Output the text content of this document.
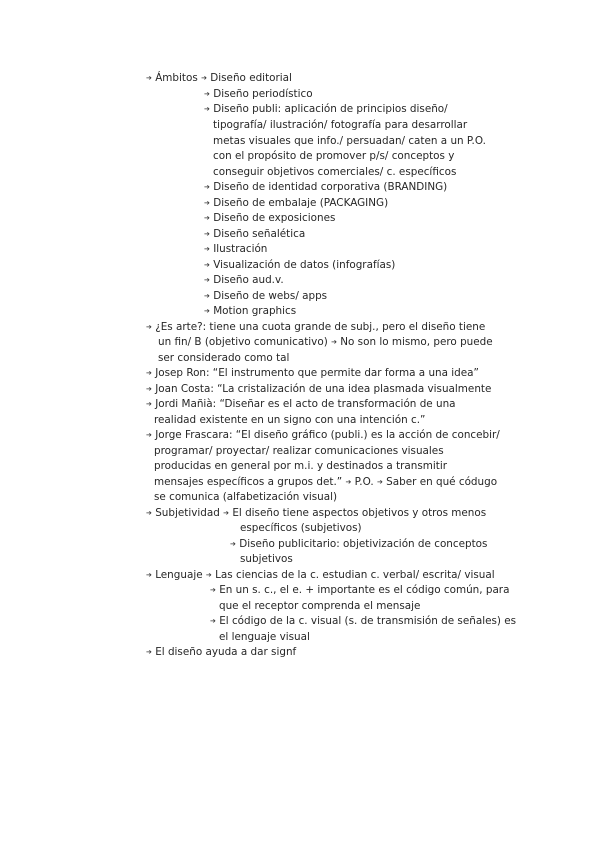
➔ Ámbitos ➔ Diseño editorial
➔ Diseño periodístico
➔ Diseño publi: aplicación de principios diseño/
tipografía/ ilustración/ fotografía para desarrollar
metas visuales que info./ persuadan/ caten a un P.O.
con el propósito de promover p/s/ conceptos y
conseguir objetivos comerciales/ c. específicos
➔ Diseño de identidad corporativa (BRANDING)
➔ Diseño de embalaje (PACKAGING)
➔ Diseño de exposiciones
➔ Diseño señalética
➔ Ilustración
➔ Visualización de datos (infografías)
➔ Diseño aud.v.
➔ Diseño de webs/ apps
➔ Motion graphics
➔ ¿Es arte?: tiene una cuota grande de subj., pero el diseño tiene
un fin/ B (objetivo comunicativo) ➔ No son lo mismo, pero puede
ser considerado como tal
➔ Josep Ron: “El instrumento que permite dar forma a una idea”
➔ Joan Costa: “La cristalización de una idea plasmada visualmente
➔ Jordi Mañià: “Diseñar es el acto de transformación de una
realidad existente en un signo con una intención c.”
➔ Jorge Frascara: “El diseño gráfico (publi.) es la acción de concebir/
programar/ proyectar/ realizar comunicaciones visuales
producidas en general por m.i. y destinados a transmitir
mensajes específicos a grupos det.” ➔ P.O. ➔ Saber en qué códugo
se comunica (alfabetización visual)
➔ Subjetividad ➔ El diseño tiene aspectos objetivos y otros menos
específicos (subjetivos)
➔ Diseño publicitario: objetivización de conceptos
subjetivos
➔ Lenguaje ➔ Las ciencias de la c. estudian c. verbal/ escrita/ visual
➔ En un s. c., el e. + importante es el código común, para
que el receptor comprenda el mensaje
➔ El código de la c. visual (s. de transmisión de señales) es
el lenguaje visual
➔ El diseño ayuda a dar signf
